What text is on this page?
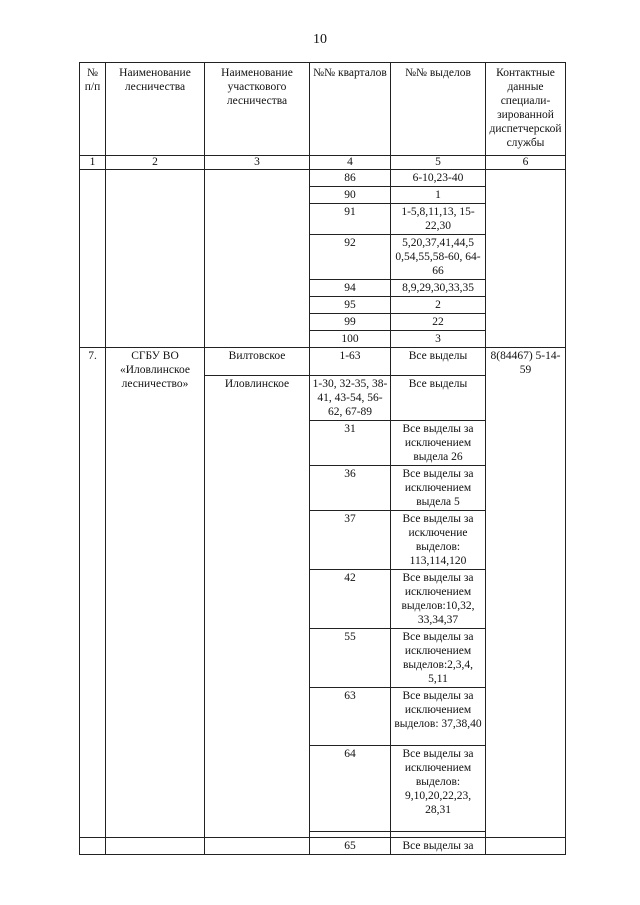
10
№ п/п	Наименование лесничества	Наименование участкового лесничества	№№ кварталов	№№ выделов	Контактные данные специали-зированной диспетчерской службы
1	2	3	4	5	6
			86	6-10,23-40	
			90	1	
			91	1-5,8,11,13, 15-22,30	
			92	5,20,37,41,44,5 0,54,55,58-60, 64-66	
			94	8,9,29,30,33,35	
			95	2	
			99	22	
			100	3	
7.	СГБУ ВО «Иловлинское лесничество»	Вилтовское	1-63	Все выделы	8(84467) 5-14-59
		Иловлинское	1-30, 32-35, 38-41, 43-54, 56-62, 67-89	Все выделы	
			31	Все выделы за исключением выдела 26	
			36	Все выделы за исключением выдела 5	
			37	Все выделы за исключение выделов: 113,114,120	
			42	Все выделы за исключением выделов:10,32, 33,34,37	
			55	Все выделы за исключением выделов:2,3,4, 5,11	
			63	Все выделы за исключением выделов: 37,38,40	
			64	Все выделы за исключением выделов: 9,10,20,22,23, 28,31	

			65	Все выделы за	
